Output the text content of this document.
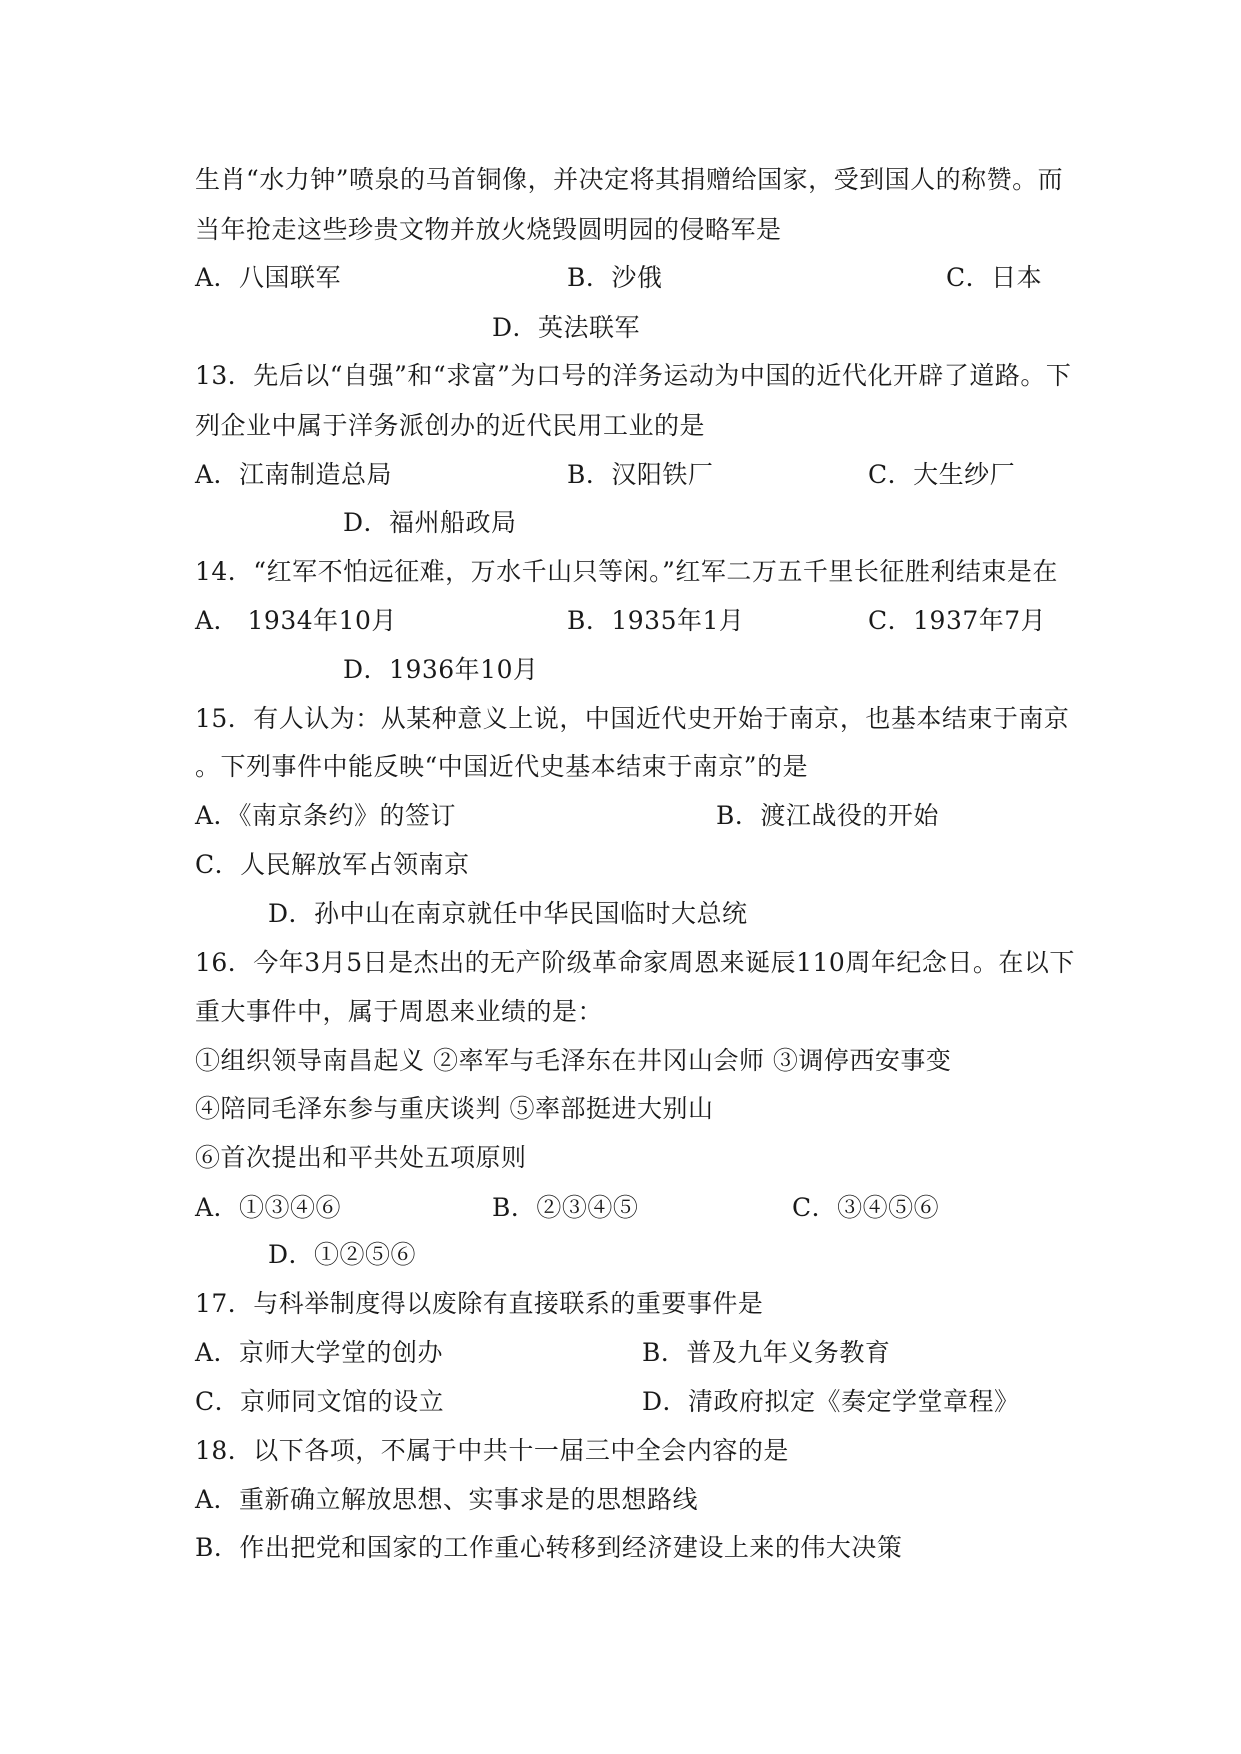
生肖“水力钟”喷泉的马首铜像，并决定将其捐赠给国家，受到国人的称赞。而
当年抢走这些珍贵文物并放火烧毁圆明园的侵略军是
A．八国联军	B．沙俄	C．日本
D．英法联军
13．先后以“自强”和“求富”为口号的洋务运动为中国的近代化开辟了道路。下
列企业中属于洋务派创办的近代民用工业的是
A．江南制造总局	B．汉阳铁厂	C．大生纱厂
D．福州船政局
14．“红军不怕远征难，万水千山只等闲。”红军二万五千里长征胜利结束是在
A． 1934年10月	B．1935年1月	C．1937年7月
D．1936年10月
15．有人认为：从某种意义上说，中国近代史开始于南京，也基本结束于南京
。下列事件中能反映“中国近代史基本结束于南京”的是
A．《南京条约》的签订	B．渡江战役的开始
C．人民解放军占领南京
D．孙中山在南京就任中华民国临时大总统
16．今年3月5日是杰出的无产阶级革命家周恩来诞辰110周年纪念日。在以下
重大事件中，属于周恩来业绩的是：
①组织领导南昌起义 ②率军与毛泽东在井冈山会师 ③调停西安事变
④陪同毛泽东参与重庆谈判 ⑤率部挺进大别山
⑥首次提出和平共处五项原则
A．①③④⑥	B．②③④⑤	C．③④⑤⑥
D．①②⑤⑥
17．与科举制度得以废除有直接联系的重要事件是
A．京师大学堂的创办	B．普及九年义务教育
C．京师同文馆的设立	D．清政府拟定《奏定学堂章程》
18．以下各项，不属于中共十一届三中全会内容的是
A．重新确立解放思想、实事求是的思想路线
B．作出把党和国家的工作重心转移到经济建设上来的伟大决策
